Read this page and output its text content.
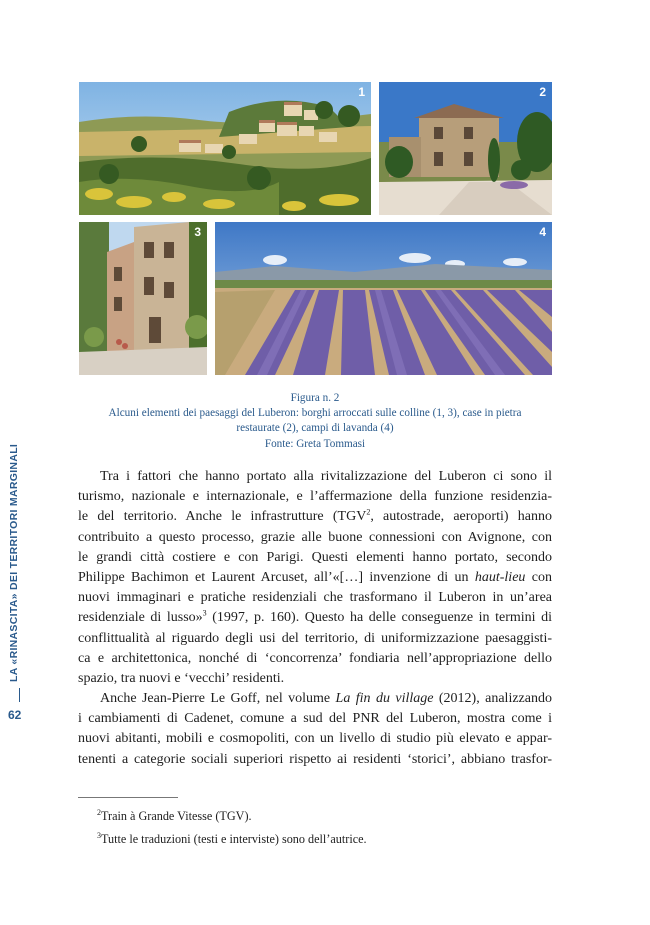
1	2
3	4
Figura n. 2
Alcuni elementi dei paesaggi del Luberon: borghi arroccati sulle colline (1, 3), case in pietra
restaurate (2), campi di lavanda (4)
Fonte: Greta Tommasi
Tra i fattori che hanno portato alla rivitalizzazione del Luberon ci sono il
turismo, nazionale e internazionale, e l’affermazione della funzione residenzia-
le del territorio. Anche le infrastrutture (TGV$^2$, autostrade, aeroporti) hanno
contribuito a questo processo, grazie alle buone connessioni con Avignone, con
le grandi città costiere e con Parigi. Questi elementi hanno portato, secondo
Philippe Bachimon et Laurent Arcuset, all’«[…] invenzione di un haut-lieu con
nuovi immaginari e pratiche residenziali che trasformano il Luberon in un’area
residenziale di lusso»$^3$ (1997, p. 160). Questo ha delle conseguenze in termini di
conflittualità al riguardo degli usi del territorio, di uniformizzazione paesaggisti-
ca e architettonica, nonché di ‘concorrenza’ fondiaria nell’appropriazione dello
spazio, tra nuovi e ‘vecchi’ residenti.
Anche Jean-Pierre Le Goff, nel volume La fin du village (2012), analizzando
i cambiamenti di Cadenet, comune a sud del PNR del Luberon, mostra come i
nuovi abitanti, mobili e cosmopoliti, con un livello di studio più elevato e appar-
tenenti a categorie sociali superiori rispetto ai residenti ‘storici’, abbiano trasfor-
$^2$Train à Grande Vitesse (TGV).
$^3$Tutte le traduzioni (testi e interviste) sono dell’autrice.
LA «RINASCITA» DEI TERRITORI MARGINALI
62
